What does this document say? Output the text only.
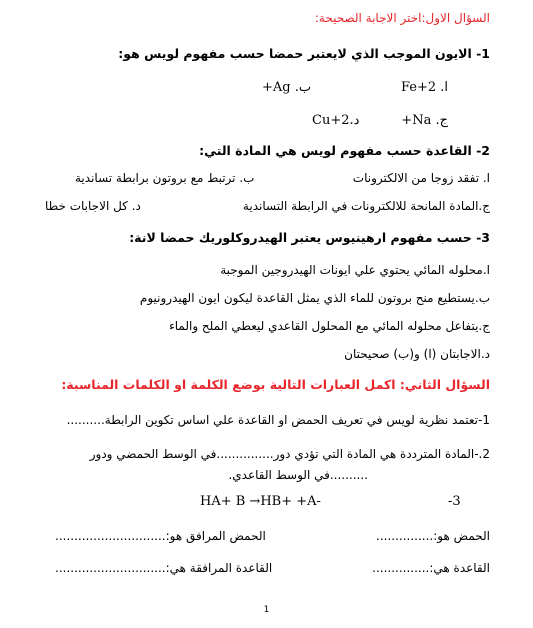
السؤال الاول:اختر الاجابة الصحيحة:
1- الايون الموجب الذي لايعتبر حمضا حسب مفهوم لويس هو:
ا. Fe+2
ب. Ag+
ج. Na+
د.Cu+2
2- القاعدة حسب مفهوم لويس هي المادة التي:
ا. تفقد زوجا من الالكترونات
ب. ترتبط مع بروتون برابطة تساندية
ج.المادة المانحة للالكترونات في الرابطة التساندية
د. كل الاجابات خطا
3- حسب مفهوم ارهينيوس يعتبر الهيدروكلوريك حمضا لانة:
ا.محلوله المائي يحتوي علي ايونات الهيدروجين الموجبة
ب.يستطيع منح بروتون للماء الذي يمثل القاعدة ليكون ايون الهيدرونيوم
ج.يتفاعل محلوله المائي مع المحلول القاعدي ليعطي الملح والماء
د.الاجابتان (ا) و(ب) صحيحتان
السؤال الثاني: اكمل العبارات التالية بوضع الكلمة او الكلمات المناسبة:
1-تعتمد نظرية لويس في تعريف الحمض او القاعدة علي اساس تكوين الرابطة..........
2.-المادة المترددة هي المادة التي تؤدي دور...............في الوسط الحمضي ودور
..........في الوسط القاعدي.
HA+ B →HB+ +A-	-3
الحمض هو:...............
الحمض المرافق هو:.............................
القاعدة هي:...............
القاعدة المرافقة هي:.............................
1
